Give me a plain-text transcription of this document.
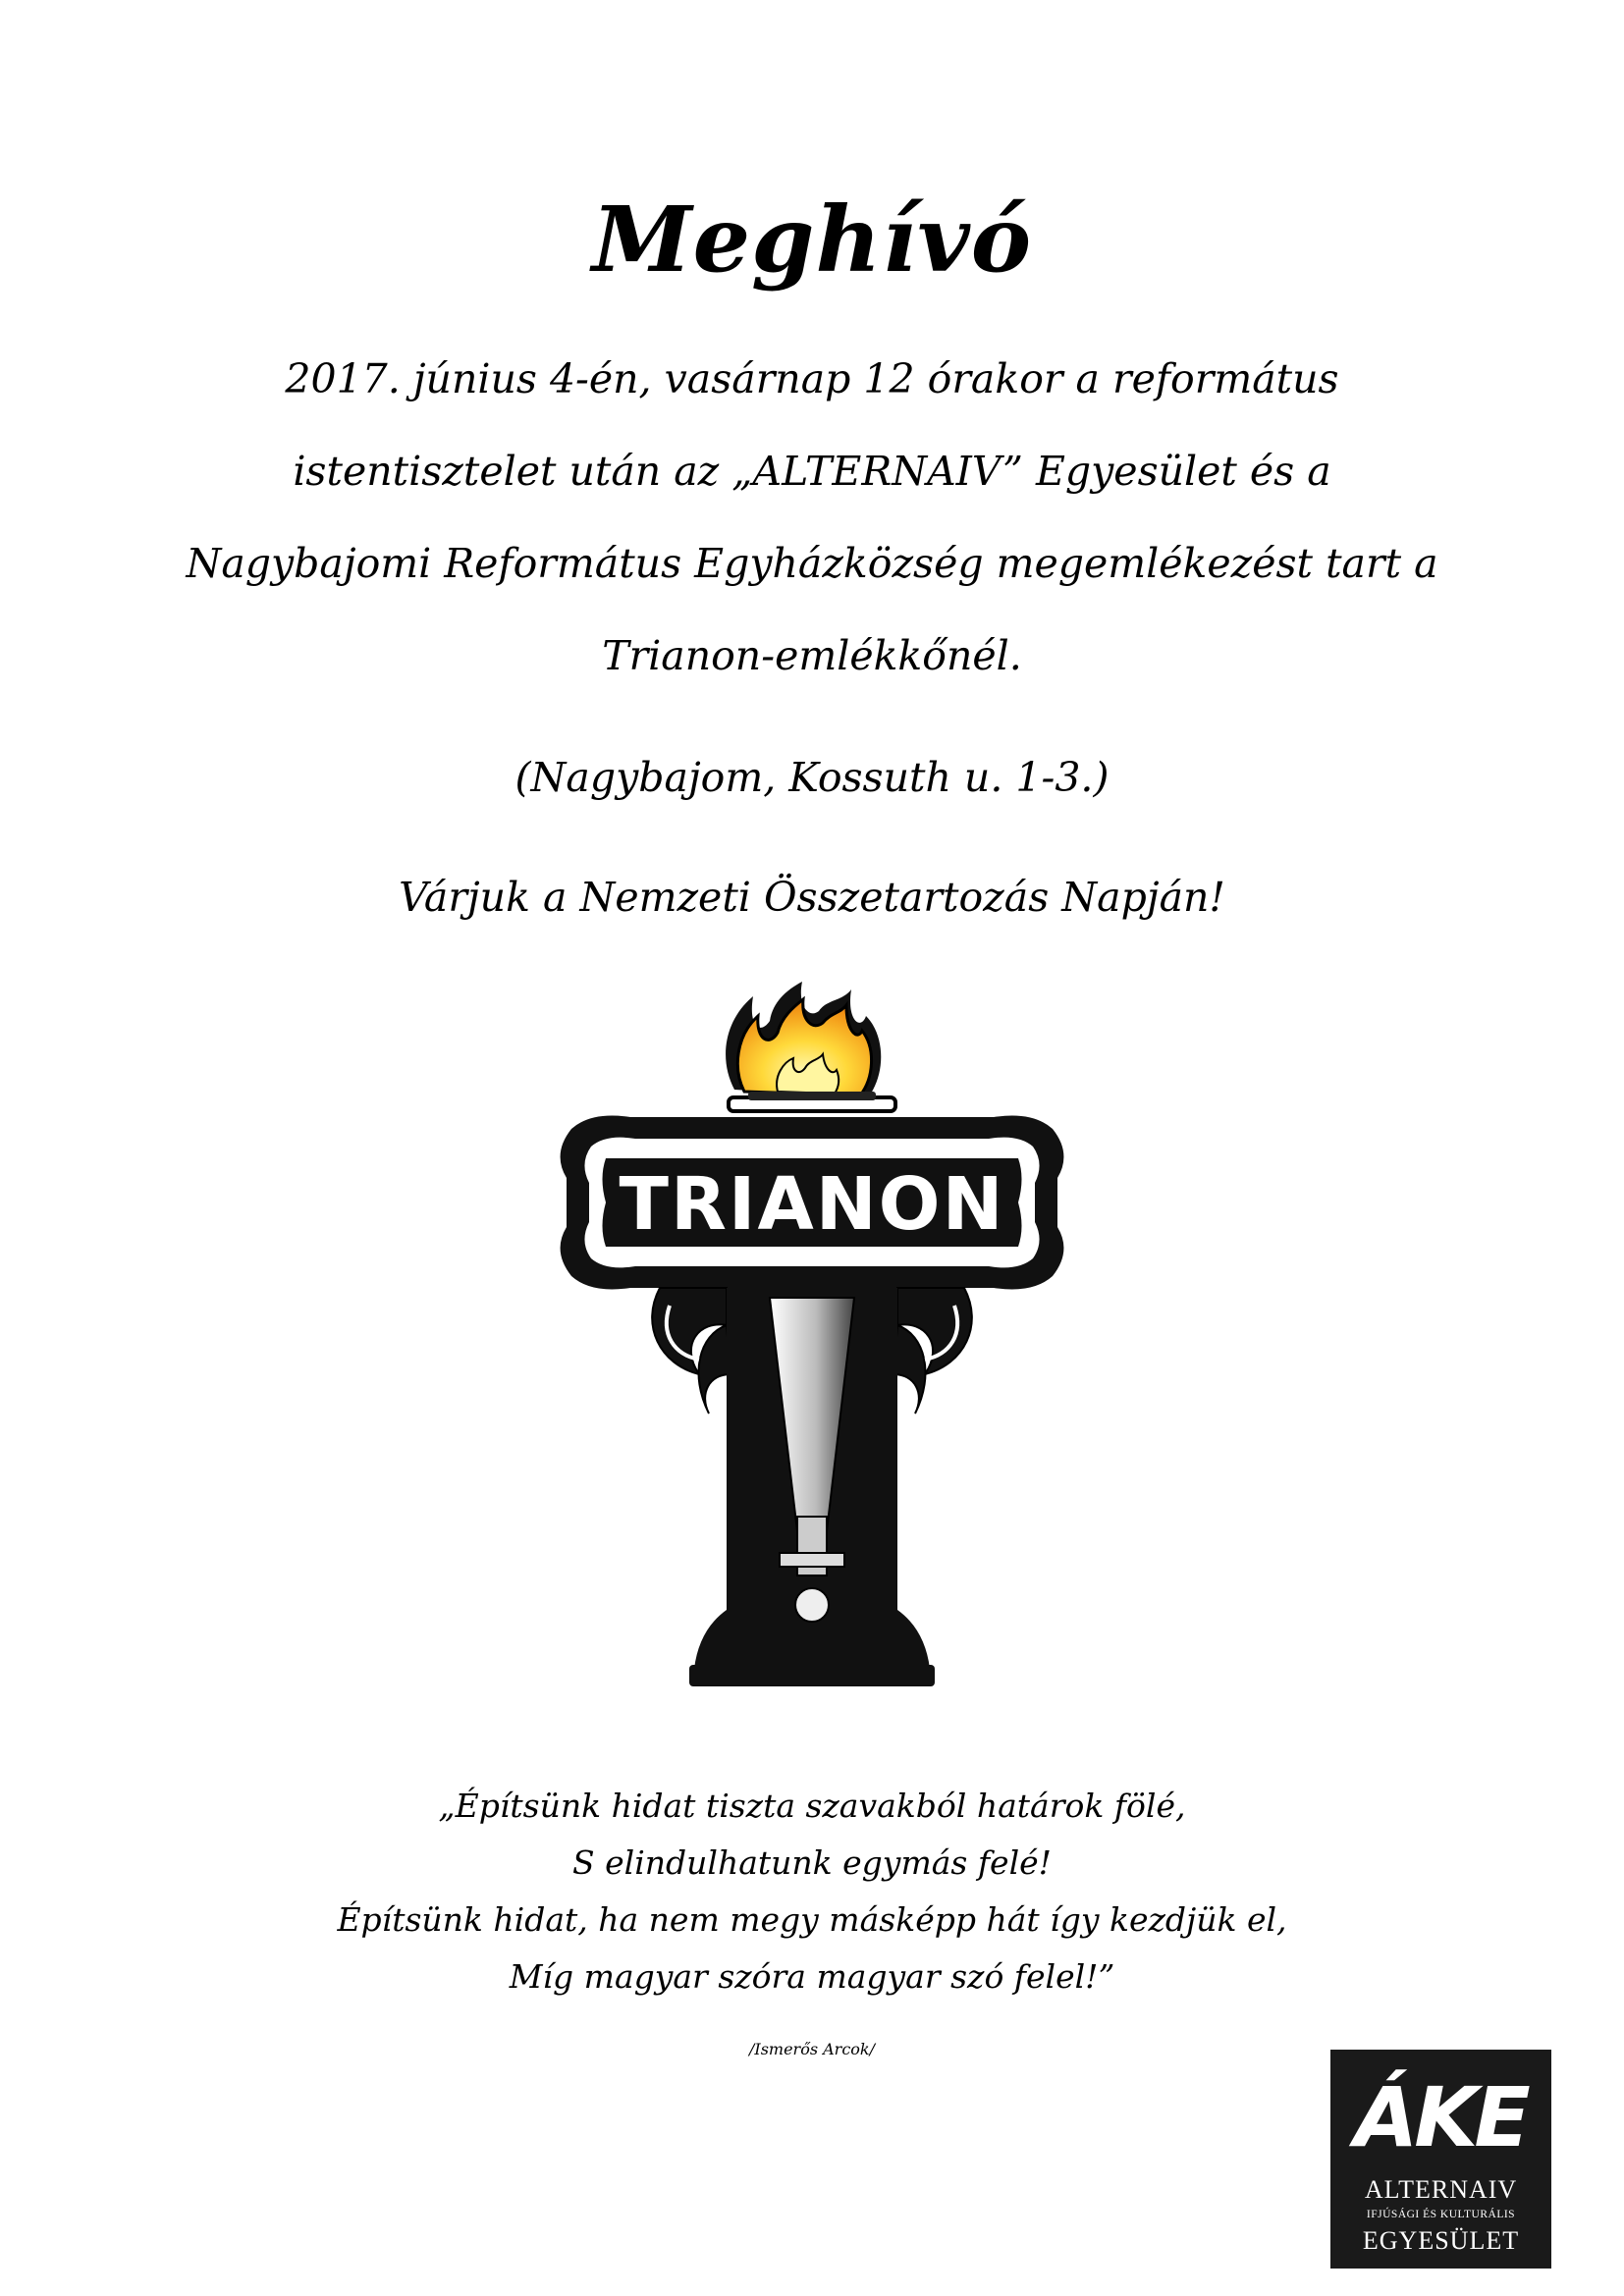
Meghívó
2017. június 4-én, vasárnap 12 órakor a református
istentisztelet után az „ALTERNAIV” Egyesület és a
Nagybajomi Református Egyházközség megemlékezést tart a
Trianon-emlékkőnél.
(Nagybajom, Kossuth u. 1-3.)
Várjuk a Nemzeti Összetartozás Napján!
TRIANON
„Építsünk hidat tiszta szavakból határok fölé,
S elindulhatunk egymás felé!
Építsünk hidat, ha nem megy másképp hát így kezdjük el,
Míg magyar szóra magyar szó felel!”
/Ismerős Arcok/
ÁKE
ALTERNAIV
IFJÚSÁGI ÉS KULTURÁLIS
EGYESÜLET
